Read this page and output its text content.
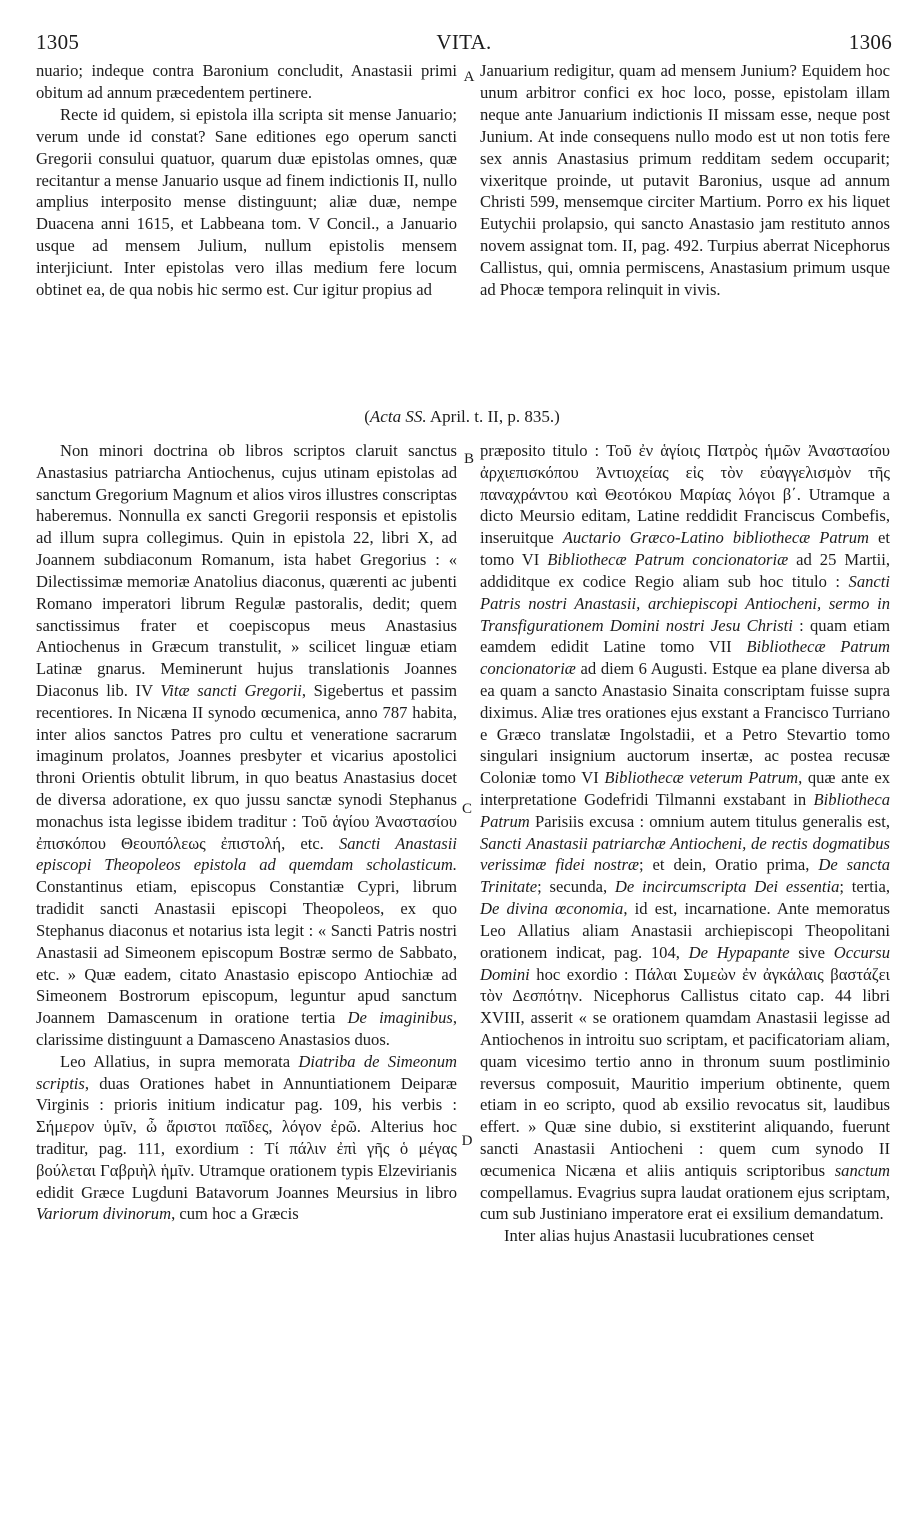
1305	VITA.	1306

nuario; indeque contra Baronium concludit, Anastasii primi obitum ad annum præcedentem pertinere.

Recte id quidem, si epistola illa scripta sit mense Januario; verum unde id constat? Sane editiones ego operum sancti Gregorii consului quatuor, quarum duæ epistolas omnes, quæ recitantur a mense Januario usque ad finem indictionis II, nullo amplius interposito mense distinguunt; aliæ duæ, nempe Duacena anni 1615, et Labbeana tom. V Concil., a Januario usque ad mensem Julium, nullum epistolis mensem interjiciunt. Inter epistolas vero illas medium fere locum obtinet ea, de qua nobis hic sermo est. Cur igitur propius ad

A Januarium redigitur, quam ad mensem Junium? Equidem hoc unum arbitror confici ex hoc loco, posse, epistolam illam neque ante Januarium indictionis II missam esse, neque post Junium. At inde consequens nullo modo est ut non totis fere sex annis Anastasius primum redditam sedem occuparit; vixeritque proinde, ut putavit Baronius, usque ad annum Christi 599, mensemque circiter Martium. Porro ex his liquet Eutychii prolapsio, qui sancto Anastasio jam restituto annos novem assignat tom. II, pag. 492. Turpius aberrat Nicephorus Callistus, qui, omnia permiscens, Anastasium primum usque ad Phocæ tempora relinquit in vivis.

(Acta SS. April. t. II, p. 835.)
B
C
D

Non minori doctrina ob libros scriptos claruit sanctus Anastasius patriarcha Antiochenus, cujus utinam epistolas ad sanctum Gregorium Magnum et alios viros illustres conscriptas haberemus. Nonnulla ex sancti Gregorii responsis et epistolis ad illum supra collegimus. Quin in epistola 22, libri X, ad Joannem subdiaconum Romanum, ista habet Gregorius : « Dilectissimæ memoriæ Anatolius diaconus, quærenti ac jubenti Romano imperatori librum Regulæ pastoralis, dedit; quem sanctissimus frater et coepiscopus meus Anastasius Antiochenus in Græcum transtulit, » scilicet linguæ etiam Latinæ gnarus. Meminerunt hujus translationis Joannes Diaconus lib. IV Vitæ sancti Gregorii, Sigebertus et passim recentiores. In Nicæna II synodo œcumenica, anno 787 habita, inter alios sanctos Patres pro cultu et veneratione sacrarum imaginum prolatos, Joannes presbyter et vicarius apostolici throni Orientis obtulit librum, in quo beatus Anastasius docet de diversa adoratione, ex quo jussu sanctæ synodi Stephanus monachus ista legisse ibidem traditur : Τοῦ ἁγίου Ἀναστασίου ἐπισκόπου Θεουπόλεως ἐπιστολή, etc. Sancti Anastasii episcopi Theopoleos epistola ad quemdam scholasticum. Constantinus etiam, episcopus Constantiæ Cypri, librum tradidit sancti Anastasii episcopi Theopoleos, ex quo Stephanus diaconus et notarius ista legit : « Sancti Patris nostri Anastasii ad Simeonem episcopum Bostræ sermo de Sabbato, etc. » Quæ eadem, citato Anastasio episcopo Antiochiæ ad Simeonem Bostrorum episcopum, leguntur apud sanctum Joannem Damascenum in oratione tertia De imaginibus, clarissime distinguunt a Damasceno Anastasios duos.

Leo Allatius, in supra memorata Diatriba de Simeonum scriptis, duas Orationes habet in Annuntiationem Deiparæ Virginis : prioris initium indicatur pag. 109, his verbis : Σήμερον ὑμῖν, ὦ ἄριστοι παῖδες, λόγον ἐρῶ. Alterius hoc traditur, pag. 111, exordium : Τί πάλιν ἐπὶ γῆς ὁ μέγας βούλεται Γαβριὴλ ἡμῖν. Utramque orationem typis Elzevirianis edidit Græce Lugduni Batavorum Joannes Meursius in libro Variorum divinorum, cum hoc a Græcis

præposito titulo : Τοῦ ἐν ἁγίοις Πατρὸς ἡμῶν Ἀναστασίου ἀρχιεπισκόπου Ἀντιοχείας εἰς τὸν εὐαγγελισμὸν τῆς παναχράντου καὶ Θεοτόκου Μαρίας λόγοι β΄. Utramque a dicto Meursio editam, Latine reddidit Franciscus Combefis, inseruitque Auctario Græco-Latino bibliothecæ Patrum et tomo VI Bibliothecæ Patrum concionatoriæ ad 25 Martii, addiditque ex codice Regio aliam sub hoc titulo : Sancti Patris nostri Anastasii, archiepiscopi Antiocheni, sermo in Transfigurationem Domini nostri Jesu Christi : quam etiam eamdem edidit Latine tomo VII Bibliothecæ Patrum concionatoriæ ad diem 6 Augusti. Estque ea plane diversa ab ea quam a sancto Anastasio Sinaita conscriptam fuisse supra diximus. Aliæ tres orationes ejus exstant a Francisco Turriano e Græco translatæ Ingolstadii, et a Petro Stevartio tomo singulari insignium auctorum insertæ, ac postea recusæ Coloniæ tomo VI Bibliothecæ veterum Patrum, quæ ante ex interpretatione Godefridi Tilmanni exstabant in Bibliotheca Patrum Parisiis excusa : omnium autem titulus generalis est, Sancti Anastasii patriarchæ Antiocheni, de rectis dogmatibus verissimæ fidei nostræ; et dein, Oratio prima, De sancta Trinitate; secunda, De incircumscripta Dei essentia; tertia, De divina œconomia, id est, incarnatione. Ante memoratus Leo Allatius aliam Anastasii archiepiscopi Theopolitani orationem indicat, pag. 104, De Hypapante sive Occursu Domini hoc exordio : Πάλαι Συμεὼν ἐν ἀγκάλαις βαστάζει τὸν Δεσπότην. Nicephorus Callistus citato cap. 44 libri XVIII, asserit « se orationem quamdam Anastasii legisse ad Antiochenos in introitu suo scriptam, et pacificatoriam aliam, quam vicesimo tertio anno in thronum suum postliminio reversus composuit, Mauritio imperium obtinente, quem etiam in eo scripto, quod ab exsilio revocatus sit, laudibus effert. » Quæ sine dubio, si exstiterint aliquando, fuerunt sancti Anastasii Antiocheni : quem cum synodo II œcumenica Nicæna et aliis antiquis scriptoribus sanctum compellamus. Evagrius supra laudat orationem ejus scriptam, cum sub Justiniano imperatore erat ei exsilium demandatum.

Inter alias hujus Anastasii lucubrationes censet
